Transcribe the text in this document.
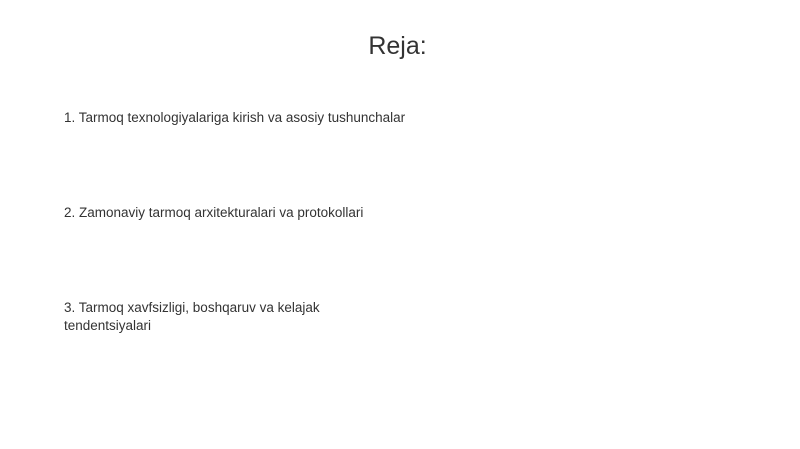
Reja:

1. Tarmoq texnologiyalariga kirish va asosiy tushunchalar

2. Zamonaviy tarmoq arxitekturalari va protokollari

3. Tarmoq xavfsizligi, boshqaruv va kelajak tendentsiyalari
